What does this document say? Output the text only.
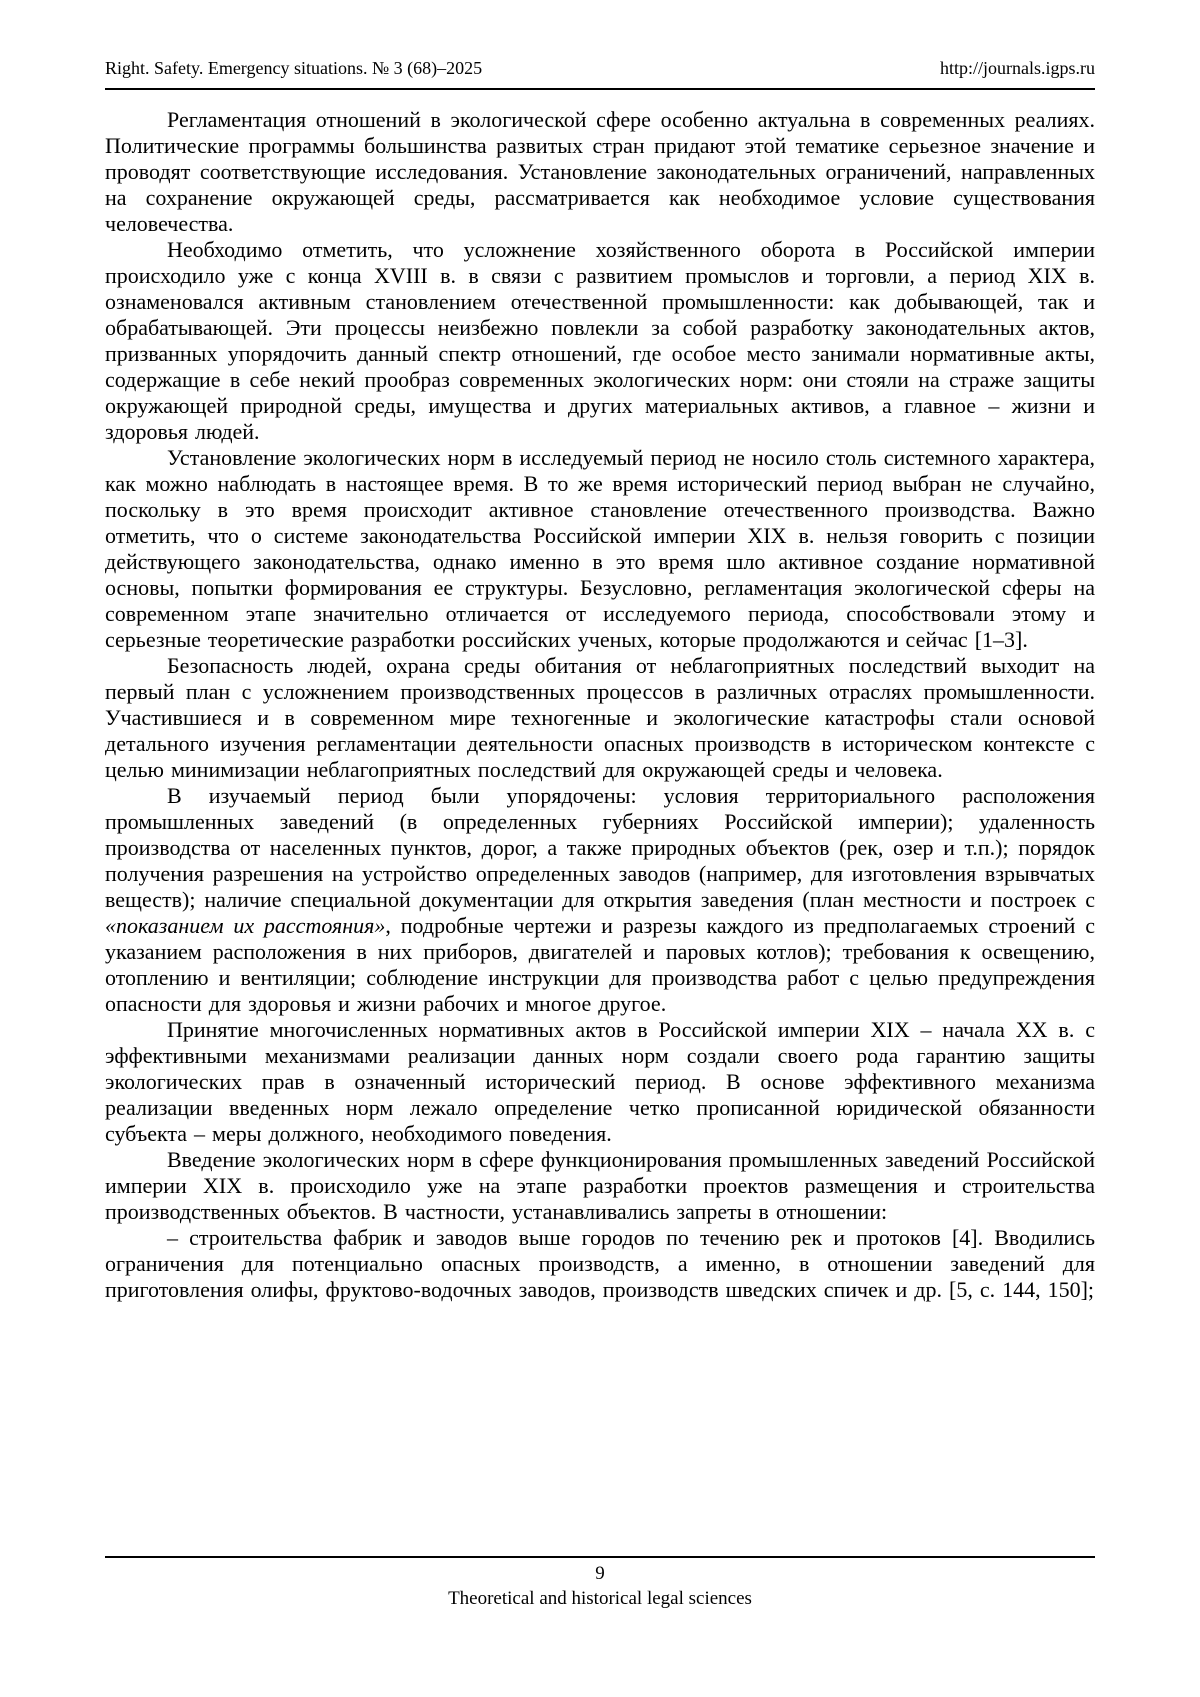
Right. Safety. Emergency situations. № 3 (68)–2025	http://journals.igps.ru

Регламентация отношений в экологической сфере особенно актуальна в современных реалиях. Политические программы большинства развитых стран придают этой тематике серьезное значение и проводят соответствующие исследования. Установление законодательных ограничений, направленных на сохранение окружающей среды, рассматривается как необходимое условие существования человечества.

Необходимо отметить, что усложнение хозяйственного оборота в Российской империи происходило уже с конца XVIII в. в связи с развитием промыслов и торговли, а период XIX в. ознаменовался активным становлением отечественной промышленности: как добывающей, так и обрабатывающей. Эти процессы неизбежно повлекли за собой разработку законодательных актов, призванных упорядочить данный спектр отношений, где особое место занимали нормативные акты, содержащие в себе некий прообраз современных экологических норм: они стояли на страже защиты окружающей природной среды, имущества и других материальных активов, а главное – жизни и здоровья людей.

Установление экологических норм в исследуемый период не носило столь системного характера, как можно наблюдать в настоящее время. В то же время исторический период выбран не случайно, поскольку в это время происходит активное становление отечественного производства. Важно отметить, что о системе законодательства Российской империи XIX в. нельзя говорить с позиции действующего законодательства, однако именно в это время шло активное создание нормативной основы, попытки формирования ее структуры. Безусловно, регламентация экологической сферы на современном этапе значительно отличается от исследуемого периода, способствовали этому и серьезные теоретические разработки российских ученых, которые продолжаются и сейчас [1–3].

Безопасность людей, охрана среды обитания от неблагоприятных последствий выходит на первый план с усложнением производственных процессов в различных отраслях промышленности. Участившиеся и в современном мире техногенные и экологические катастрофы стали основой детального изучения регламентации деятельности опасных производств в историческом контексте с целью минимизации неблагоприятных последствий для окружающей среды и человека.

В изучаемый период были упорядочены: условия территориального расположения промышленных заведений (в определенных губерниях Российской империи); удаленность производства от населенных пунктов, дорог, а также природных объектов (рек, озер и т.п.); порядок получения разрешения на устройство определенных заводов (например, для изготовления взрывчатых веществ); наличие специальной документации для открытия заведения (план местности и построек с «показанием их расстояния», подробные чертежи и разрезы каждого из предполагаемых строений с указанием расположения в них приборов, двигателей и паровых котлов); требования к освещению, отоплению и вентиляции; соблюдение инструкции для производства работ с целью предупреждения опасности для здоровья и жизни рабочих и многое другое.

Принятие многочисленных нормативных актов в Российской империи XIX – начала XX в. с эффективными механизмами реализации данных норм создали своего рода гарантию защиты экологических прав в означенный исторический период. В основе эффективного механизма реализации введенных норм лежало определение четко прописанной юридической обязанности субъекта – меры должного, необходимого поведения.

Введение экологических норм в сфере функционирования промышленных заведений Российской империи XIX в. происходило уже на этапе разработки проектов размещения и строительства производственных объектов. В частности, устанавливались запреты в отношении:

– строительства фабрик и заводов выше городов по течению рек и протоков [4]. Вводились ограничения для потенциально опасных производств, а именно, в отношении заведений для приготовления олифы, фруктово-водочных заводов, производств шведских спичек и др. [5, с. 144, 150];

9
Theoretical and historical legal sciences
